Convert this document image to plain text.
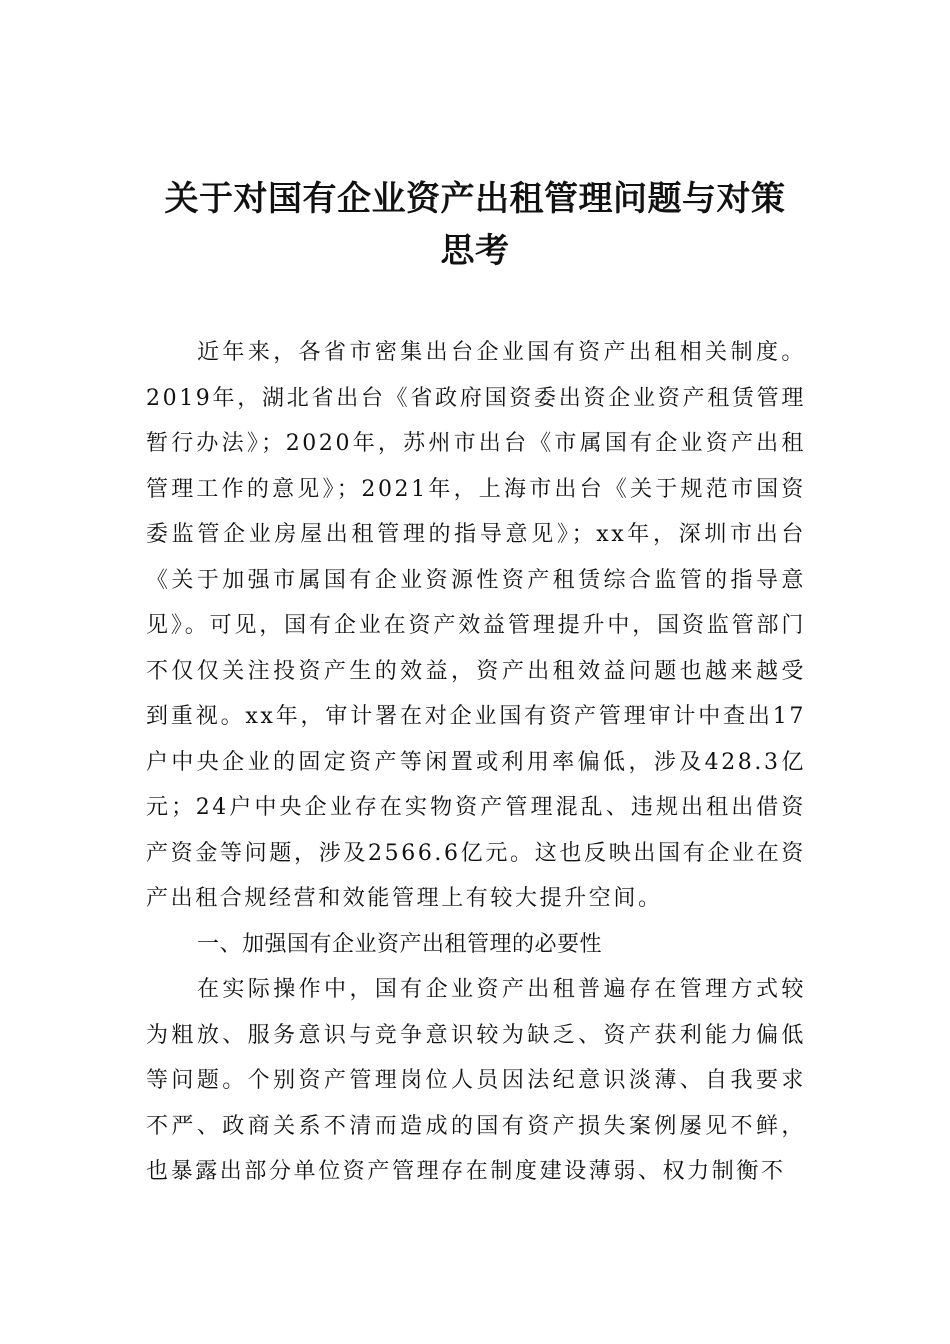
关于对国有企业资产出租管理问题与对策
思考

近年来，各省市密集出台企业国有资产出租相关制度。2019年，湖北省出台《省政府国资委出资企业资产租赁管理暂行办法》；2020年，苏州市出台《市属国有企业资产出租管理工作的意见》；2021年，上海市出台《关于规范市国资委监管企业房屋出租管理的指导意见》；xx年，深圳市出台《关于加强市属国有企业资源性资产租赁综合监管的指导意见》。可见，国有企业在资产效益管理提升中，国资监管部门不仅仅关注投资产生的效益，资产出租效益问题也越来越受到重视。xx年，审计署在对企业国有资产管理审计中查出17户中央企业的固定资产等闲置或利用率偏低，涉及428.3亿元；24户中央企业存在实物资产管理混乱、违规出租出借资产资金等问题，涉及2566.6亿元。这也反映出国有企业在资产出租合规经营和效能管理上有较大提升空间。

一、加强国有企业资产出租管理的必要性

在实际操作中，国有企业资产出租普遍存在管理方式较为粗放、服务意识与竞争意识较为缺乏、资产获利能力偏低等问题。个别资产管理岗位人员因法纪意识淡薄、自我要求不严、政商关系不清而造成的国有资产损失案例屡见不鲜，也暴露出部分单位资产管理存在制度建设薄弱、权力制衡不
